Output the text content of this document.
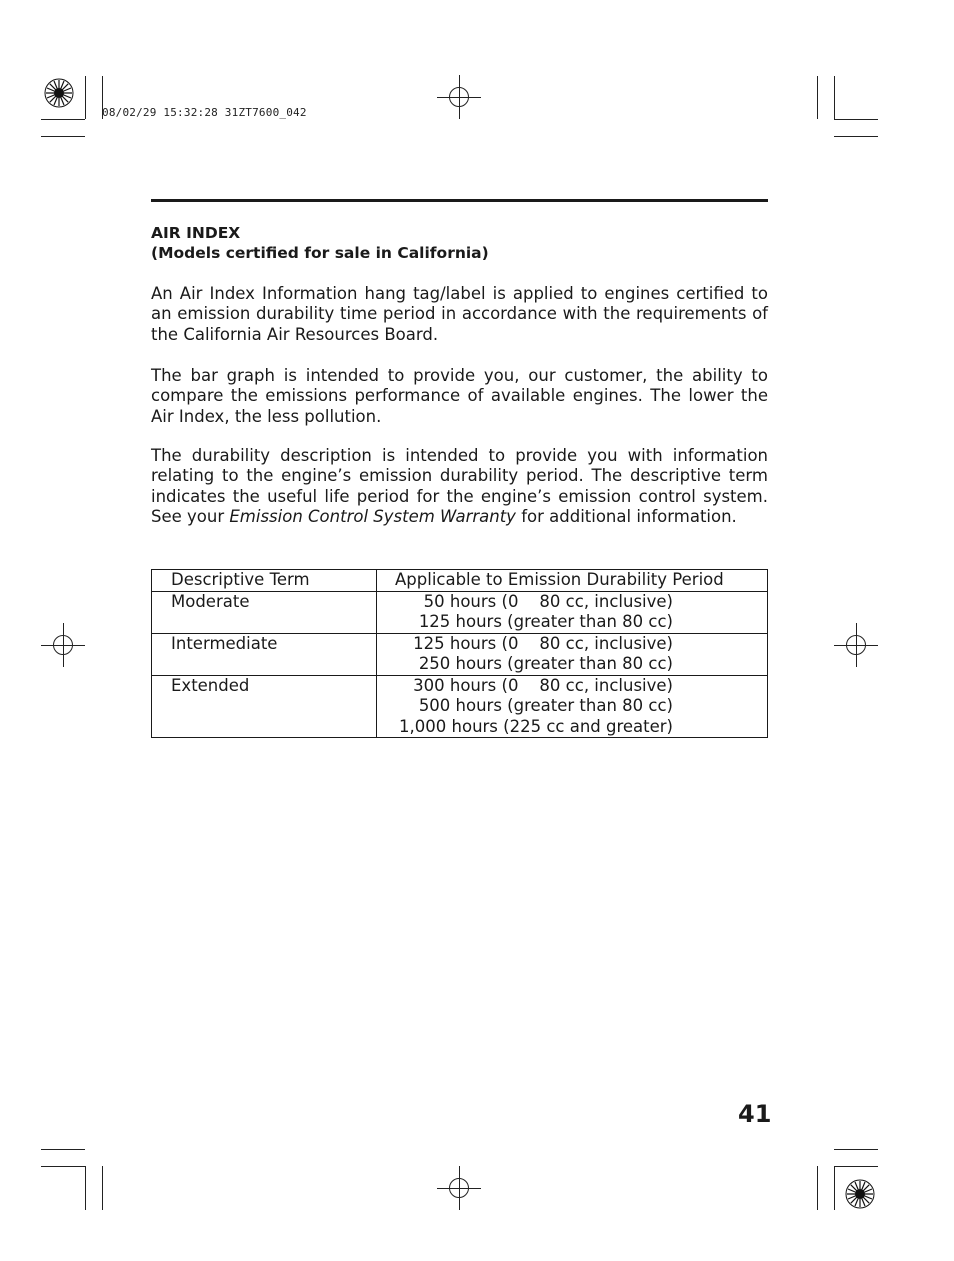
08/02/29 15:32:28 31ZT7600_042
AIR INDEX
(Models certified for sale in California)

An Air Index Information hang tag/label is applied to engines certified to an emission durability time period in accordance with the requirements of the California Air Resources Board.

The bar graph is intended to provide you, our customer, the ability to compare the emissions performance of available engines. The lower the Air Index, the less pollution.

The durability description is intended to provide you with information relating to the engine’s emission durability period. The descriptive term indicates the useful life period for the engine’s emission control system. See your Emission Control System Warranty for additional information.

Descriptive Term	Applicable to Emission Durability Period

Moderate	50 hours (0    80 cc, inclusive)
125 hours (greater than 80 cc)

Intermediate	125 hours (0    80 cc, inclusive)
250 hours (greater than 80 cc)

Extended	300 hours (0    80 cc, inclusive)
500 hours (greater than 80 cc)
1,000 hours (225 cc and greater)
41
